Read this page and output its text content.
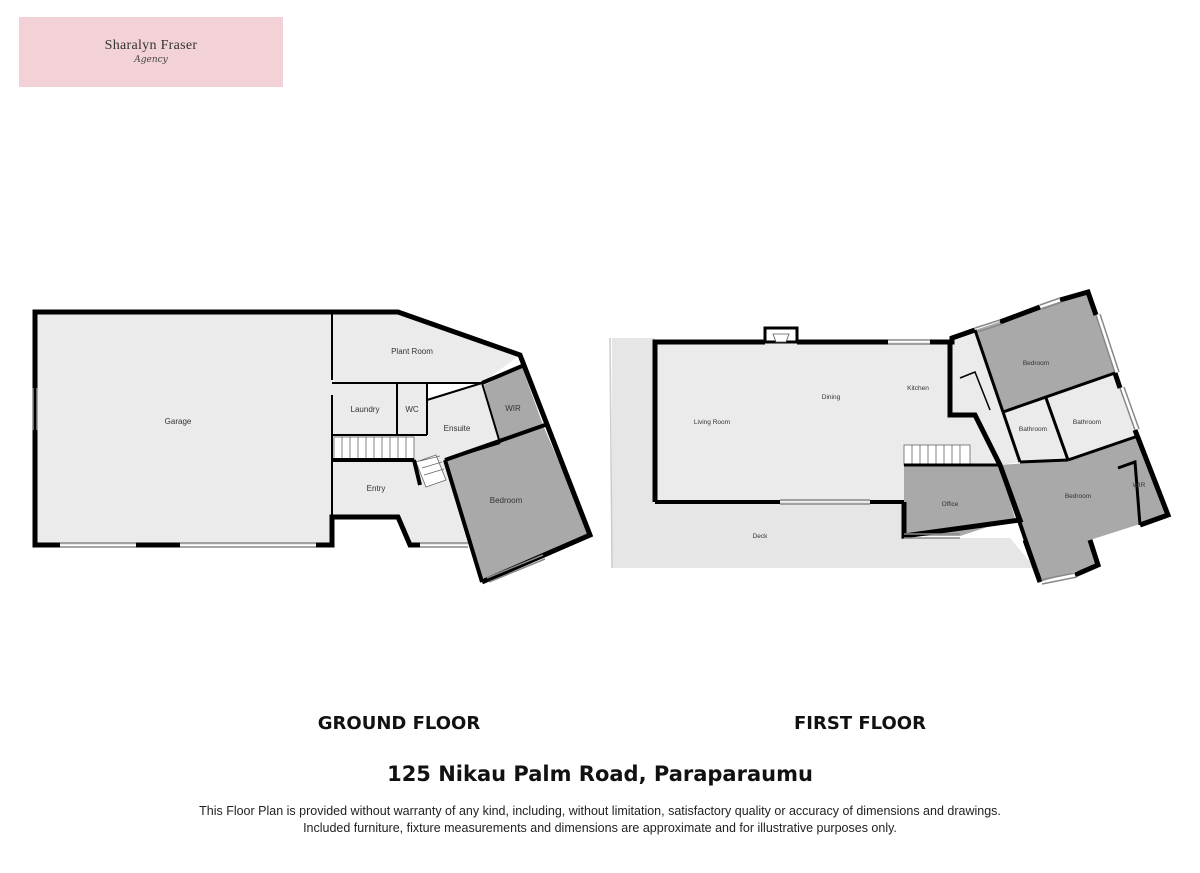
Sharalyn Fraser
Agency
Garage
Plant Room
Laundry	WC
Ensuite
WIR
Entry
Bedroom
Living Room
Dining
Kitchen
Deck
Office
Bedroom
Bathroom
Bathroom
Bedroom
WIR
GROUND FLOOR	FIRST FLOOR
125 Nikau Palm Road, Paraparaumu
This Floor Plan is provided without warranty of any kind, including, without limitation, satisfactory quality or accuracy of dimensions and drawings.
Included furniture, fixture measurements and dimensions are approximate and for illustrative purposes only.
